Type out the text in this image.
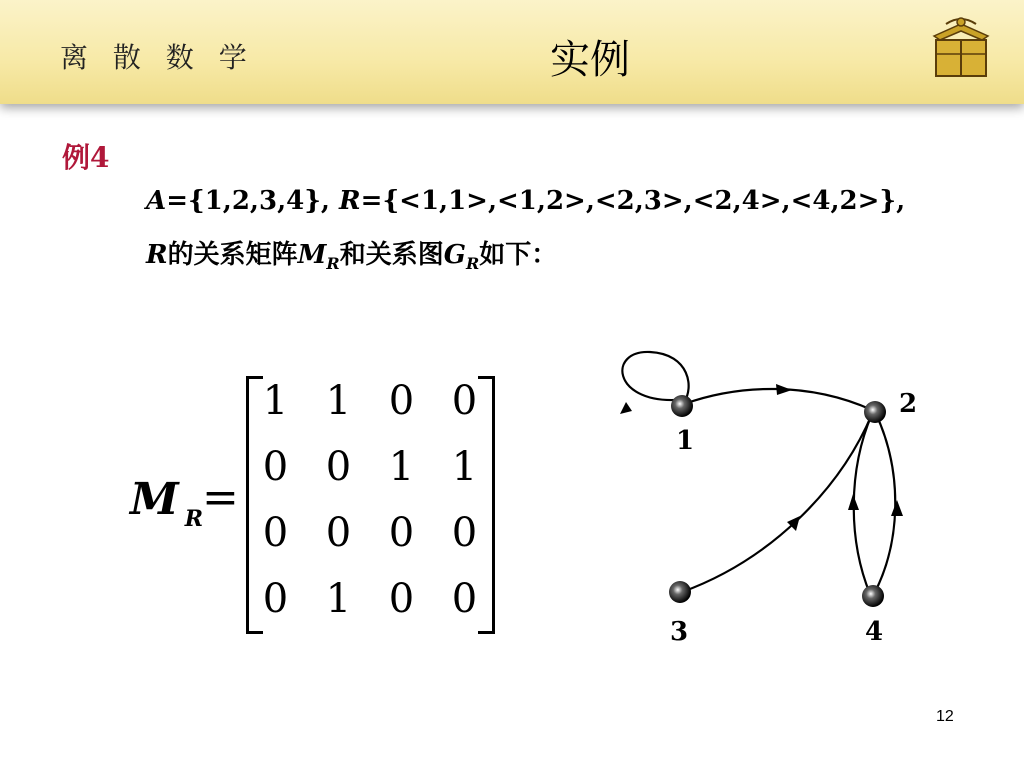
离 散 数 学	实例
例4
A={1,2,3,4}, R={<1,1>,<1,2>,<2,3>,<2,4>,<4,2>},
R的关系矩阵$M_R$和关系图$G_R$如下：
M $_R$
=
1 1 0 0
0 0 1 1
0 0 0 0
0 1 0 0
1
2
3	4
12
